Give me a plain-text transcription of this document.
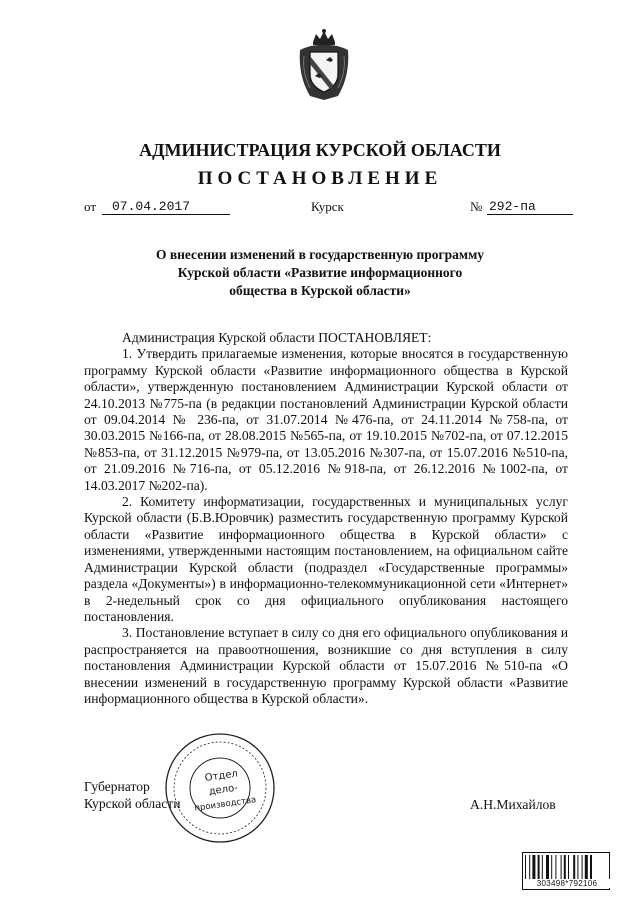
АДМИНИСТРАЦИЯ КУРСКОЙ ОБЛАСТИ
ПОСТАНОВЛЕНИЕ
от	07.04.2017	Курск	№ 292-па
О внесении изменений в государственную программу
Курской области «Развитие информационного
общества в Курской области»

Администрация Курской области ПОСТАНОВЛЯЕТ:

1. Утвердить прилагаемые изменения, которые вносятся в государственную программу Курской области «Развитие информационного общества в Курской области», утвержденную постановлением Администрации Курской области от 24.10.2013 №775-па (в редакции постановлений Администрации Курской области от 09.04.2014 № 236-па, от 31.07.2014 №476-па, от 24.11.2014 №758-па, от 30.03.2015 №166-па, от 28.08.2015 №565-па, от 19.10.2015 №702-па, от 07.12.2015 №853-па, от 31.12.2015 №979-па, от 13.05.2016 №307-па, от 15.07.2016 №510-па, от 21.09.2016 №716-па, от 05.12.2016 №918-па, от 26.12.2016 №1002-па, от 14.03.2017 №202-па).

2. Комитету информатизации, государственных и муниципальных услуг Курской области (Б.В.Юровчик) разместить государственную программу Курской области «Развитие информационного общества в Курской области» с изменениями, утвержденными настоящим постановлением, на официальном сайте Администрации Курской области (подраздел «Государственные программы» раздела «Документы») в информационно-телекоммуникационной сети «Интернет» в 2-недельный срок со дня официального опубликования настоящего постановления.

3. Постановление вступает в силу со дня его официального опубликования и распространяется на правоотношения, возникшие со дня вступления в силу постановления Администрации Курской области от 15.07.2016 №510-па «О внесении изменений в государственную программу Курской области «Развитие информационного общества в Курской области».

Губернатор
Курской области	А.Н.Михайлов
Отдел
дело-
производства
303498*792106
